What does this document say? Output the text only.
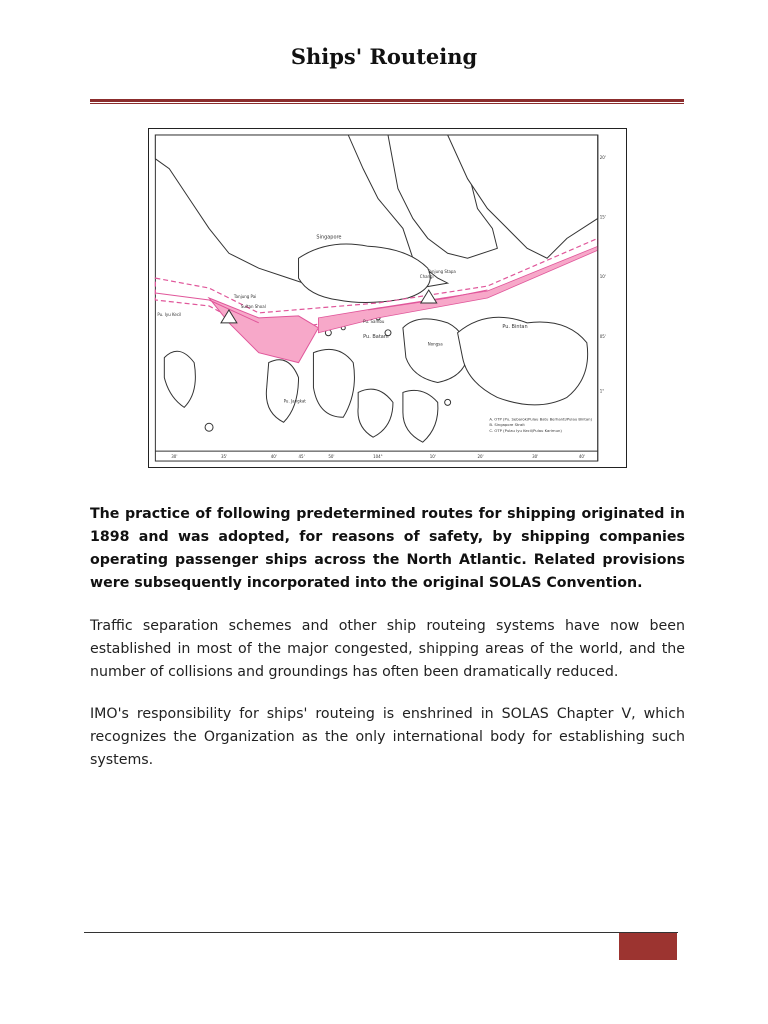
Ships' Routeing
Singapore
Pu. Batam
Pu. Bintan
Changi
Tanjung Pai
Tanjung Stapa
Sultan Shoal
Pu. Sambu
Nongsa
Pu. Iyu Kecil
Pu. Jangkat
A. OTP (Pu. Sebarok/Pulau Batu Berhanti/Pulau Bintan)
B. Singapore Strait
C. OTP (Pulau Iyu Kecil/Pulau Karimun)
30'	35'	40'	45'	50'	104°	10'	20'	30'	40'
20'
15'
10'
05'
1°

The practice of following predetermined routes for shipping originated in 1898 and was adopted, for reasons of safety, by shipping companies operating passenger ships across the North Atlantic. Related provisions were subsequently incorporated into the original SOLAS Convention.

Traffic separation schemes and other ship routeing systems have now been established in most of the major congested, shipping areas of the world, and the number of collisions and groundings has often been dramatically reduced.

IMO's responsibility for ships' routeing is enshrined in SOLAS Chapter V, which recognizes the Organization as the only international body for establishing such systems.
